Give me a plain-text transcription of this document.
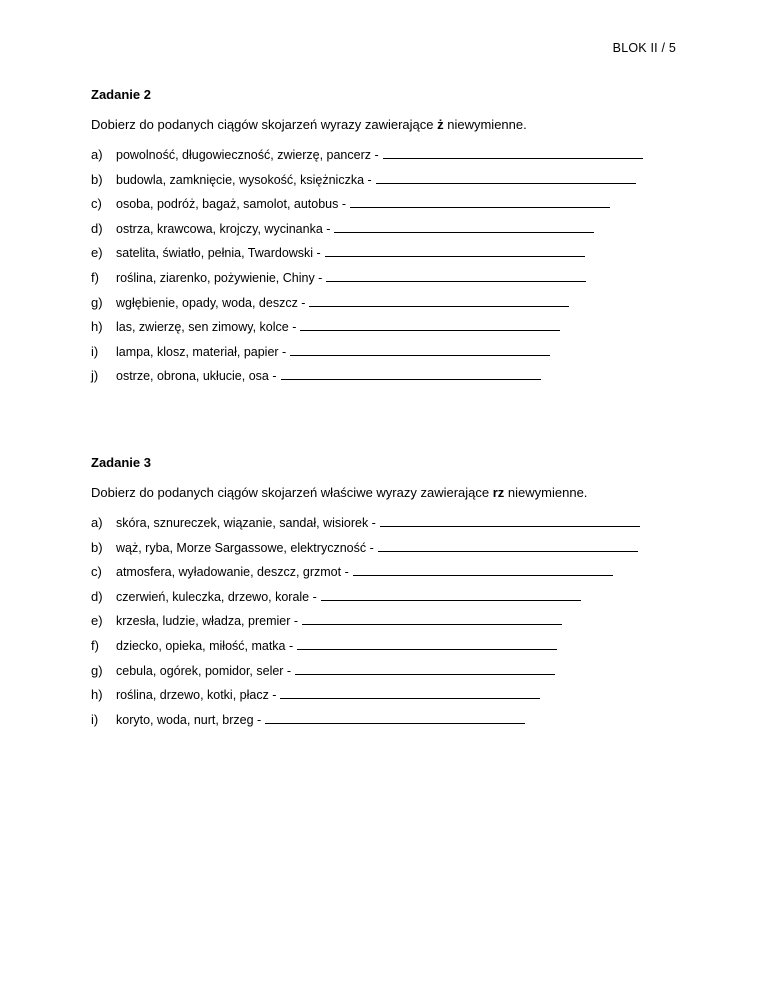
BLOK II / 5

Zadanie 2

Dobierz do podanych ciągów skojarzeń wyrazy zawierające ż niewymienne.

a)	powolność, długowieczność, zwierzę, pancerz -
b)	budowla, zamknięcie, wysokość, księżniczka -
c)	osoba, podróż, bagaż, samolot, autobus -
d)	ostrza, krawcowa, krojczy, wycinanka -
e)	satelita, światło, pełnia, Twardowski -
f)	roślina, ziarenko, pożywienie, Chiny -
g)	wgłębienie, opady, woda, deszcz -
h)	las, zwierzę, sen zimowy, kolce -
i)	lampa, klosz, materiał, papier -
j)	ostrze, obrona, ukłucie, osa -

Zadanie 3

Dobierz do podanych ciągów skojarzeń właściwe wyrazy zawierające rz niewymienne.

a)	skóra, sznureczek, wiązanie, sandał, wisiorek -
b)	wąż, ryba, Morze Sargassowe, elektryczność -
c)	atmosfera, wyładowanie, deszcz, grzmot -
d)	czerwień, kuleczka, drzewo, korale -
e)	krzesła, ludzie, władza, premier -
f)	dziecko, opieka, miłość, matka -
g)	cebula, ogórek, pomidor, seler -
h)	roślina, drzewo, kotki, płacz -
i)	koryto, woda, nurt, brzeg -
